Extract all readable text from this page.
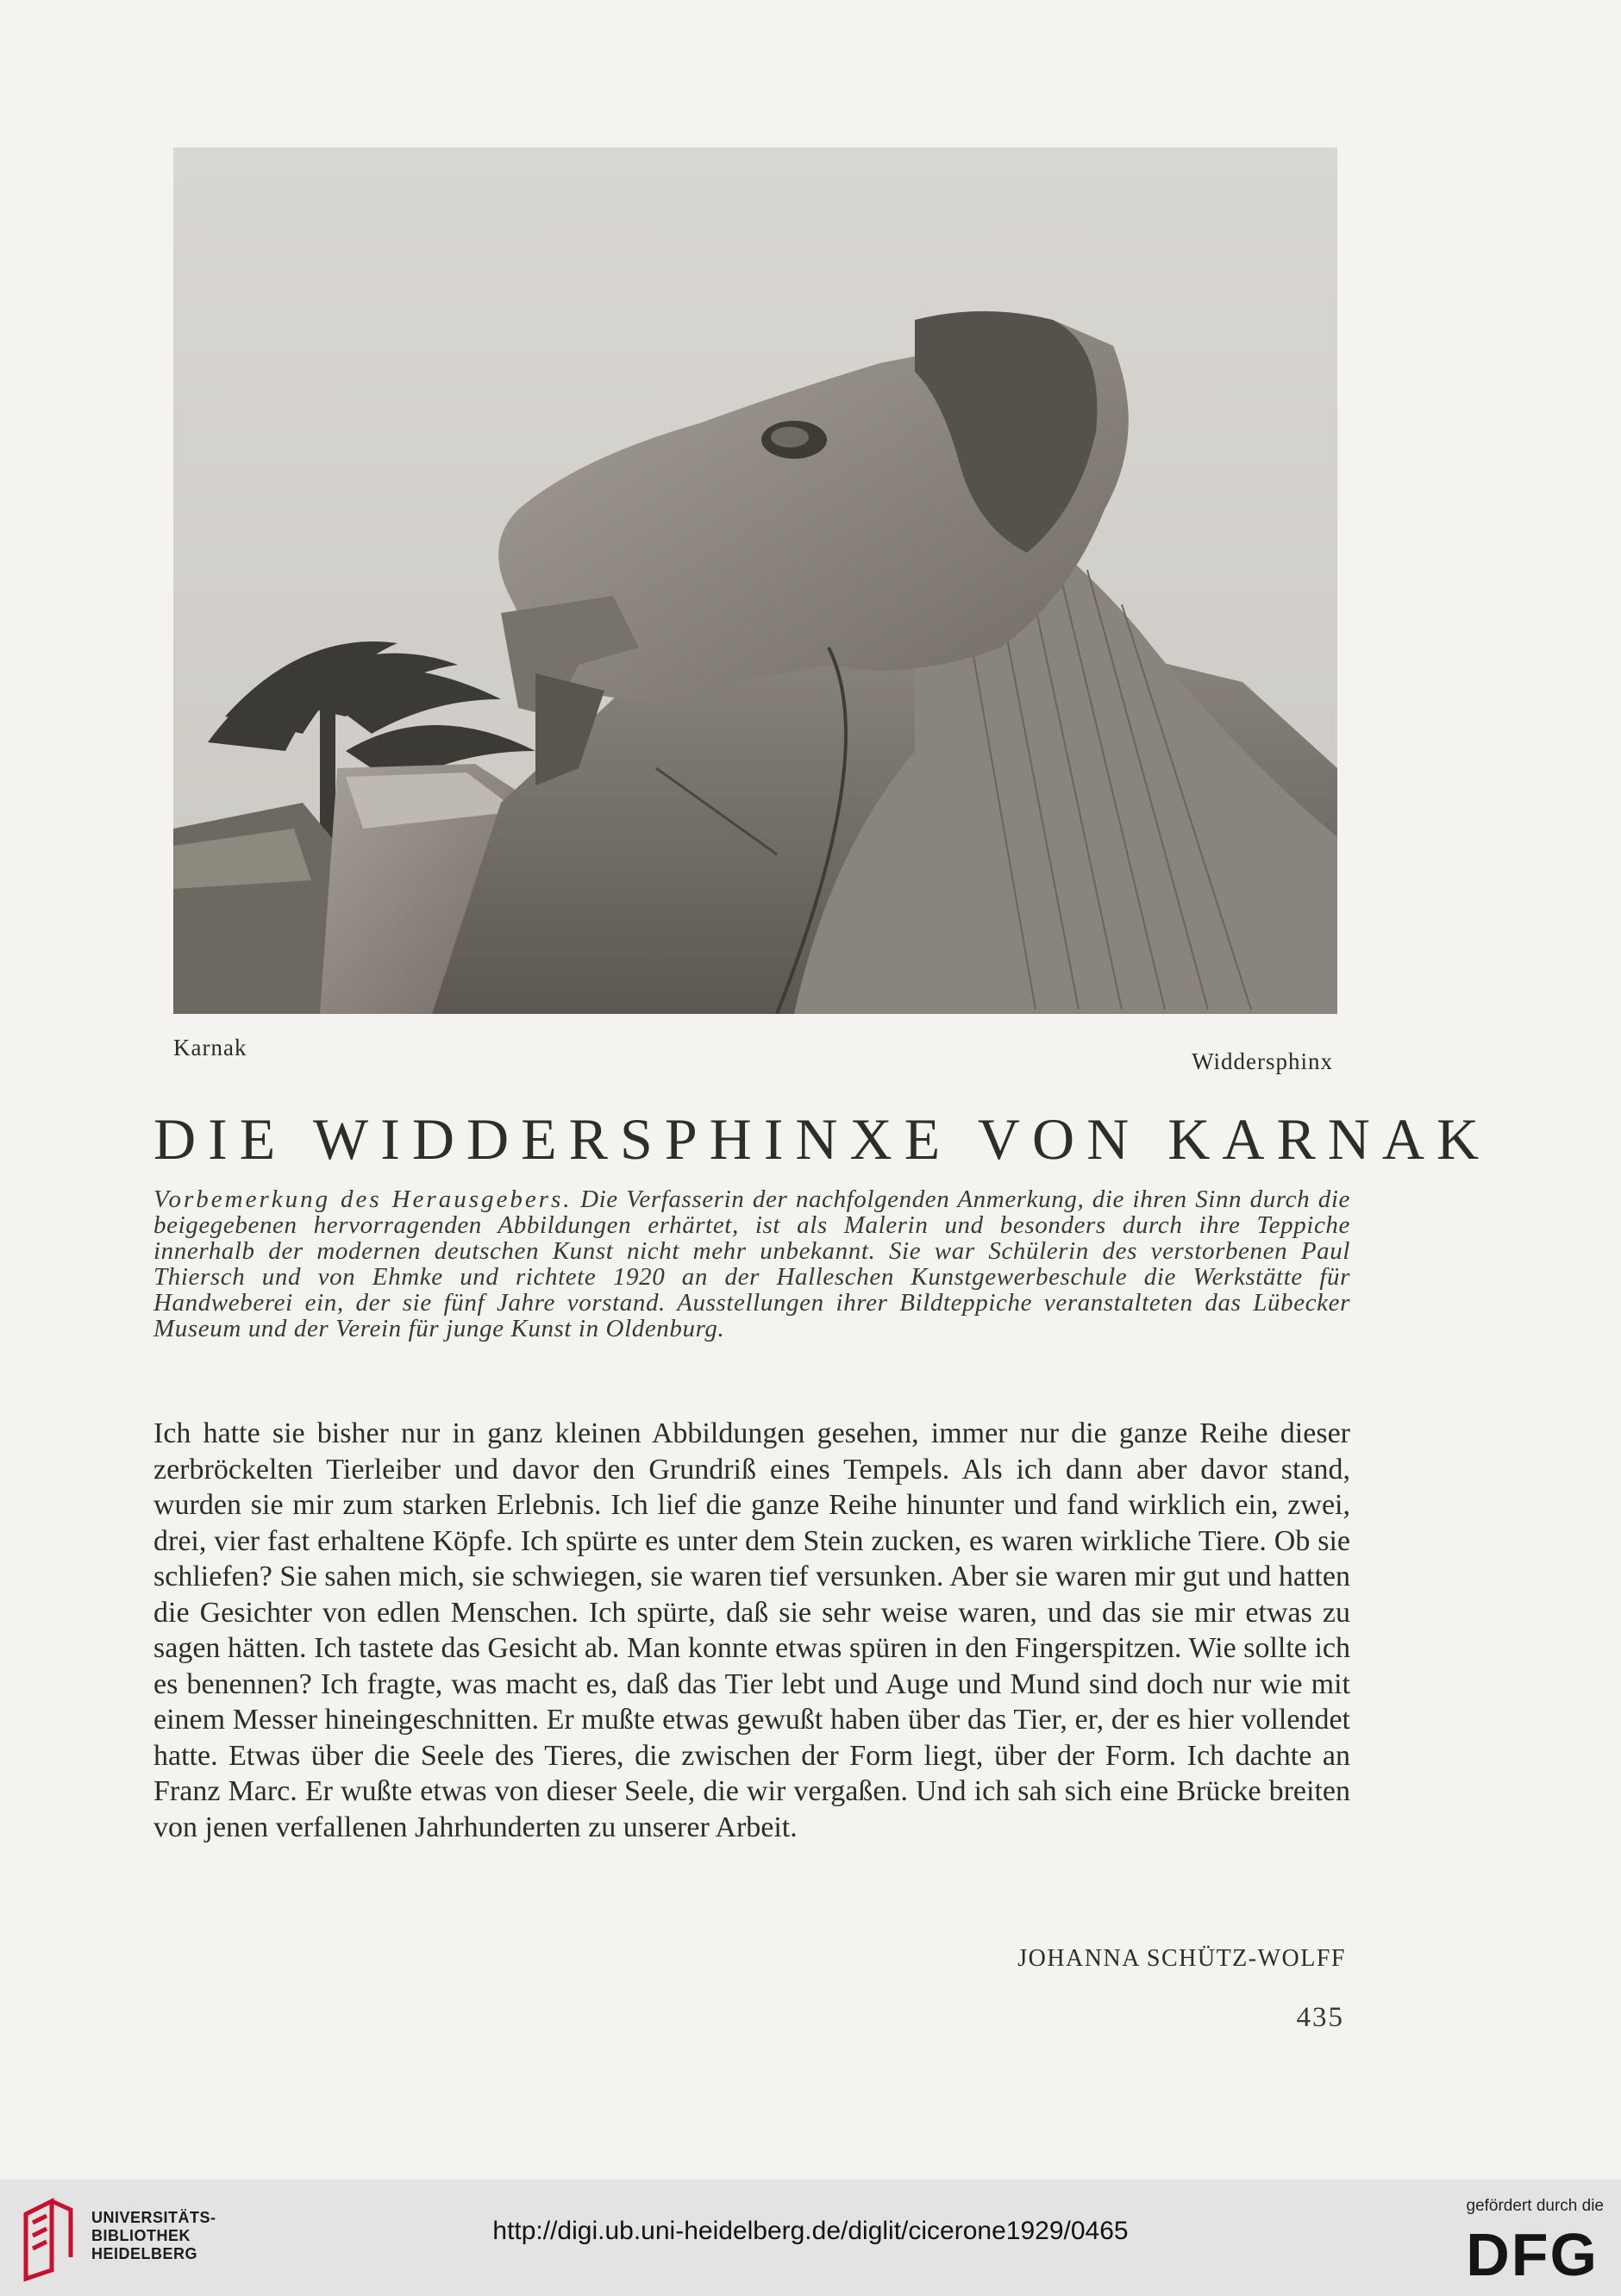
Karnak
Widdersphinx
DIE WIDDERSPHINXE VON KARNAK
Vorbemerkung des Herausgebers. Die Verfasserin der nachfolgenden Anmerkung, die ihren Sinn durch die beigegebenen hervorragenden Abbildungen erhärtet, ist als Malerin und besonders durch ihre Teppiche innerhalb der modernen deutschen Kunst nicht mehr unbekannt. Sie war Schülerin des verstorbenen Paul Thiersch und von Ehmke und richtete 1920 an der Halleschen Kunstgewerbeschule die Werkstätte für Handweberei ein, der sie fünf Jahre vorstand. Ausstellungen ihrer Bildteppiche veranstalteten das Lübecker Museum und der Verein für junge Kunst in Oldenburg.

Ich hatte sie bisher nur in ganz kleinen Abbildungen gesehen, immer nur die ganze Reihe dieser zerbröckelten Tierleiber und davor den Grundriß eines Tempels. Als ich dann aber davor stand, wurden sie mir zum starken Erlebnis. Ich lief die ganze Reihe hinunter und fand wirklich ein, zwei, drei, vier fast erhaltene Köpfe. Ich spürte es unter dem Stein zucken, es waren wirkliche Tiere. Ob sie schliefen? Sie sahen mich, sie schwiegen, sie waren tief versunken. Aber sie waren mir gut und hatten die Gesichter von edlen Menschen. Ich spürte, daß sie sehr weise waren, und das sie mir etwas zu sagen hätten. Ich tastete das Gesicht ab. Man konnte etwas spüren in den Fingerspitzen. Wie sollte ich es benennen? Ich fragte, was macht es, daß das Tier lebt und Auge und Mund sind doch nur wie mit einem Messer hineingeschnitten. Er mußte etwas gewußt haben über das Tier, er, der es hier vollendet hatte. Etwas über die Seele des Tieres, die zwischen der Form liegt, über der Form. Ich dachte an Franz Marc. Er wußte etwas von dieser Seele, die wir vergaßen. Und ich sah sich eine Brücke breiten von jenen verfallenen Jahrhunderten zu unserer Arbeit.

JOHANNA SCHÜTZ-WOLFF
435
UNIVERSITÄTS-
BIBLIOTHEK
HEIDELBERG
http://digi.ub.uni-heidelberg.de/diglit/cicerone1929/0465
gefördert durch die
DFG
